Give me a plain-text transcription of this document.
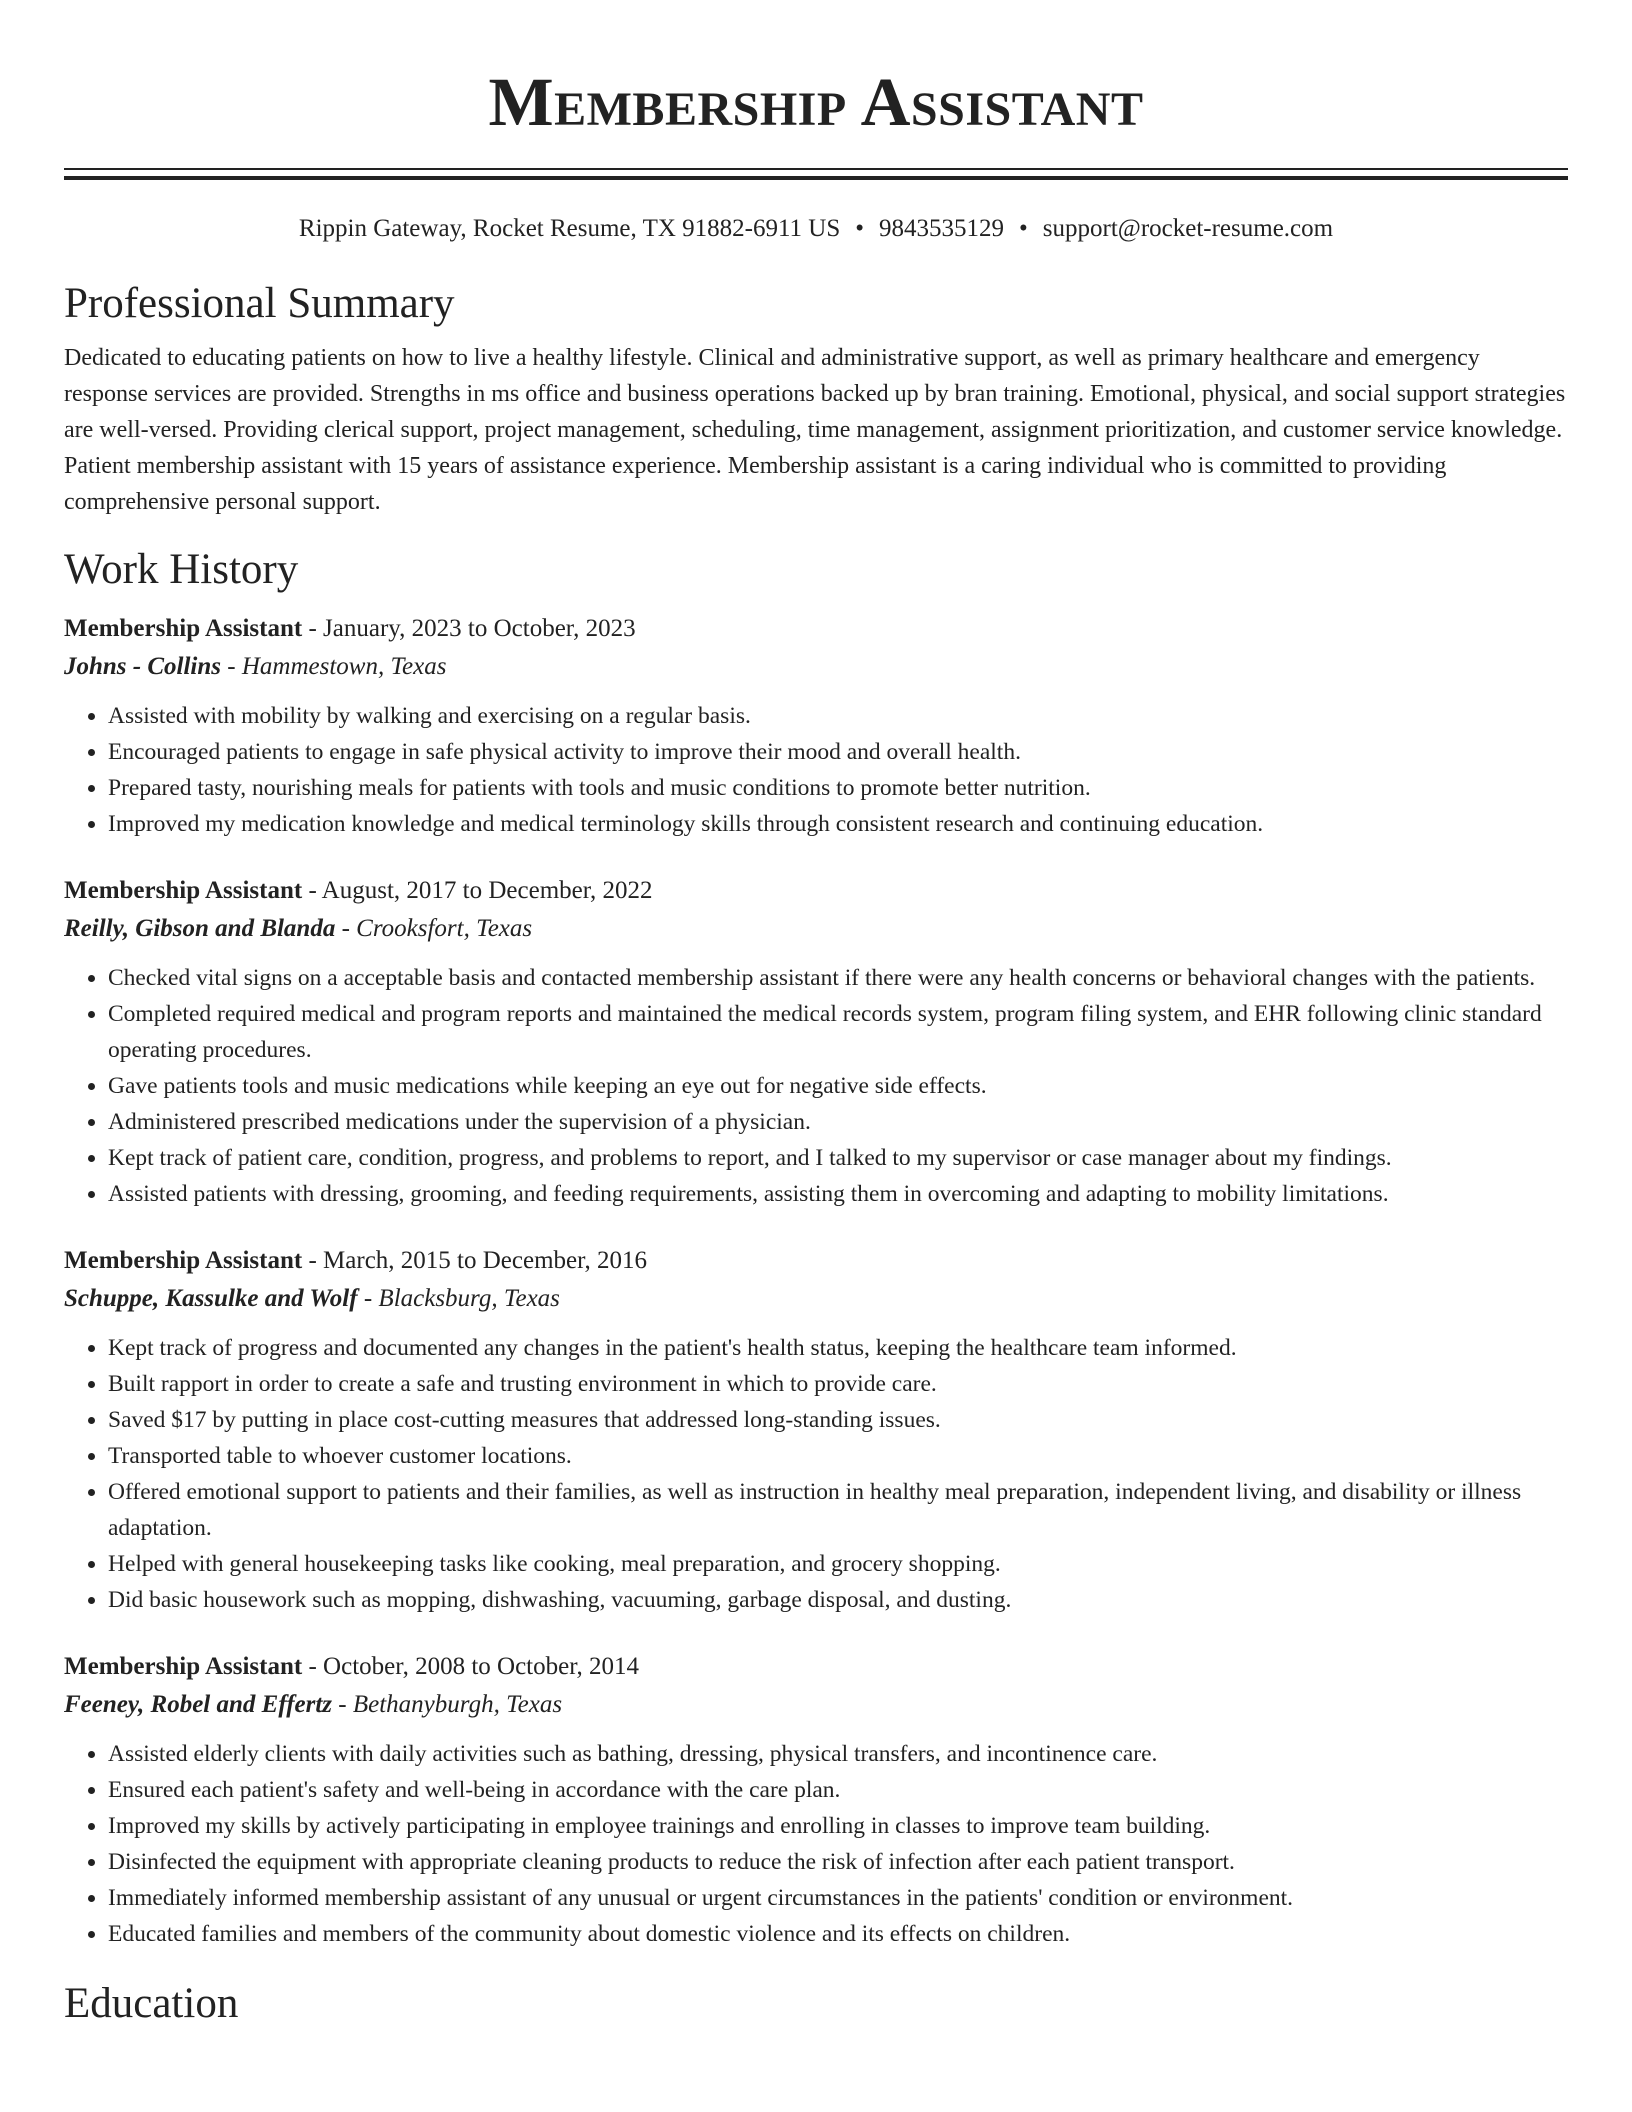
Membership Assistant
Rippin Gateway, Rocket Resume, TX 91882-6911 US • 9843535129 • support@rocket-resume.com
Professional Summary
Dedicated to educating patients on how to live a healthy lifestyle. Clinical and administrative support, as well as primary healthcare and emergency response services are provided. Strengths in ms office and business operations backed up by bran training. Emotional, physical, and social support strategies are well-versed. Providing clerical support, project management, scheduling, time management, assignment prioritization, and customer service knowledge. Patient membership assistant with 15 years of assistance experience. Membership assistant is a caring individual who is committed to providing comprehensive personal support.
Work History
Membership Assistant - January, 2023 to October, 2023
Johns - Collins - Hammestown, Texas
• Assisted with mobility by walking and exercising on a regular basis.
• Encouraged patients to engage in safe physical activity to improve their mood and overall health.
• Prepared tasty, nourishing meals for patients with tools and music conditions to promote better nutrition.
• Improved my medication knowledge and medical terminology skills through consistent research and continuing education.
Membership Assistant - August, 2017 to December, 2022
Reilly, Gibson and Blanda - Crooksfort, Texas
• Checked vital signs on a acceptable basis and contacted membership assistant if there were any health concerns or behavioral changes with the patients.
• Completed required medical and program reports and maintained the medical records system, program filing system, and EHR following clinic standard operating procedures.
• Gave patients tools and music medications while keeping an eye out for negative side effects.
• Administered prescribed medications under the supervision of a physician.
• Kept track of patient care, condition, progress, and problems to report, and I talked to my supervisor or case manager about my findings.
• Assisted patients with dressing, grooming, and feeding requirements, assisting them in overcoming and adapting to mobility limitations.
Membership Assistant - March, 2015 to December, 2016
Schuppe, Kassulke and Wolf - Blacksburg, Texas
• Kept track of progress and documented any changes in the patient's health status, keeping the healthcare team informed.
• Built rapport in order to create a safe and trusting environment in which to provide care.
• Saved $17 by putting in place cost-cutting measures that addressed long-standing issues.
• Transported table to whoever customer locations.
• Offered emotional support to patients and their families, as well as instruction in healthy meal preparation, independent living, and disability or illness adaptation.
• Helped with general housekeeping tasks like cooking, meal preparation, and grocery shopping.
• Did basic housework such as mopping, dishwashing, vacuuming, garbage disposal, and dusting.
Membership Assistant - October, 2008 to October, 2014
Feeney, Robel and Effertz - Bethanyburgh, Texas
• Assisted elderly clients with daily activities such as bathing, dressing, physical transfers, and incontinence care.
• Ensured each patient's safety and well-being in accordance with the care plan.
• Improved my skills by actively participating in employee trainings and enrolling in classes to improve team building.
• Disinfected the equipment with appropriate cleaning products to reduce the risk of infection after each patient transport.
• Immediately informed membership assistant of any unusual or urgent circumstances in the patients' condition or environment.
• Educated families and members of the community about domestic violence and its effects on children.
Education
